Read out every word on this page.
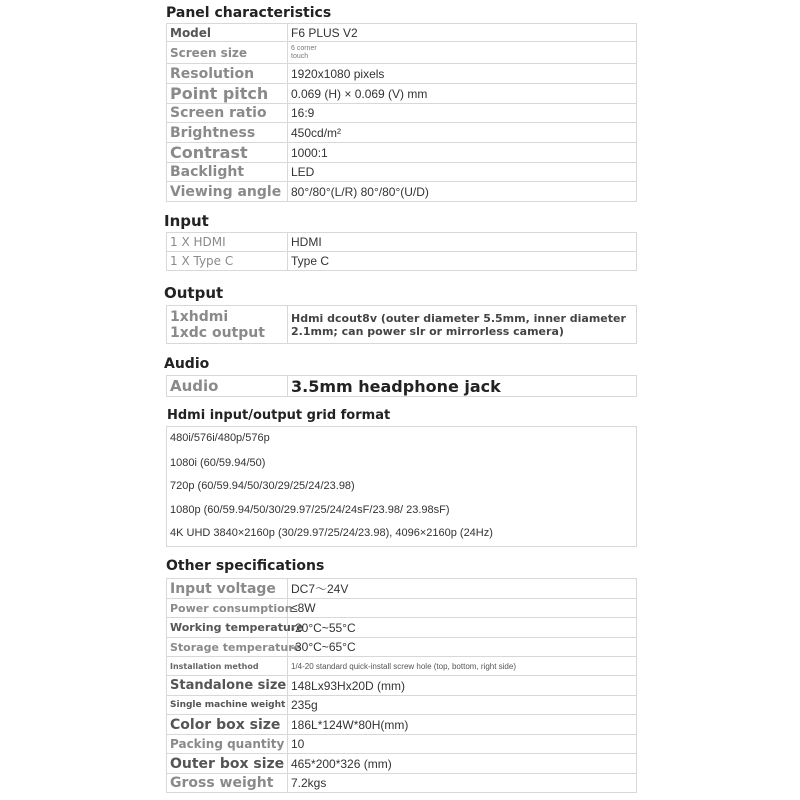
Panel characteristics
Model	F6 PLUS V2
Screen size	6 corner touch

Resolution	1920x1080 pixels
Point pitch	0.069 (H) × 0.069 (V) mm
Screen ratio	16:9
Brightness	450cd/m²
Contrast	1000:1
Backlight	LED
Viewing angle	80°/80°(L/R) 80°/80°(U/D)
Input
1 X HDMI	HDMI
1 X Type C	Type C
Output
1xhdmi
1xdc output
	Hdmi dcout8v (outer diameter 5.5mm, inner diameter 2.1mm; can power slr or mirrorless camera)
Audio
Audio	3.5mm headphone jack
Hdmi input/output grid format
480i/576i/480p/576p
1080i (60/59.94/50)
720p (60/59.94/50/30/29/25/24/23.98)
1080p (60/59.94/50/30/29.97/25/24/24sF/23.98/ 23.98sF)
4K UHD 3840×2160p (30/29.97/25/24/23.98), 4096×2160p (24Hz)
Other specifications
Input voltage	DC7～24V
Power consumption	≤8W
Working temperature	-20°C~55°C
Storage temperature	-30°C~65°C
Installation method	1/4-20 standard quick-install screw hole (top, bottom, right side)
Standalone size	148Lx93Hx20D (mm)
Single machine weight	235g
Color box size	186L*124W*80H(mm)
Packing quantity	10
Outer box size	465*200*326 (mm)
Gross weight	7.2kgs
